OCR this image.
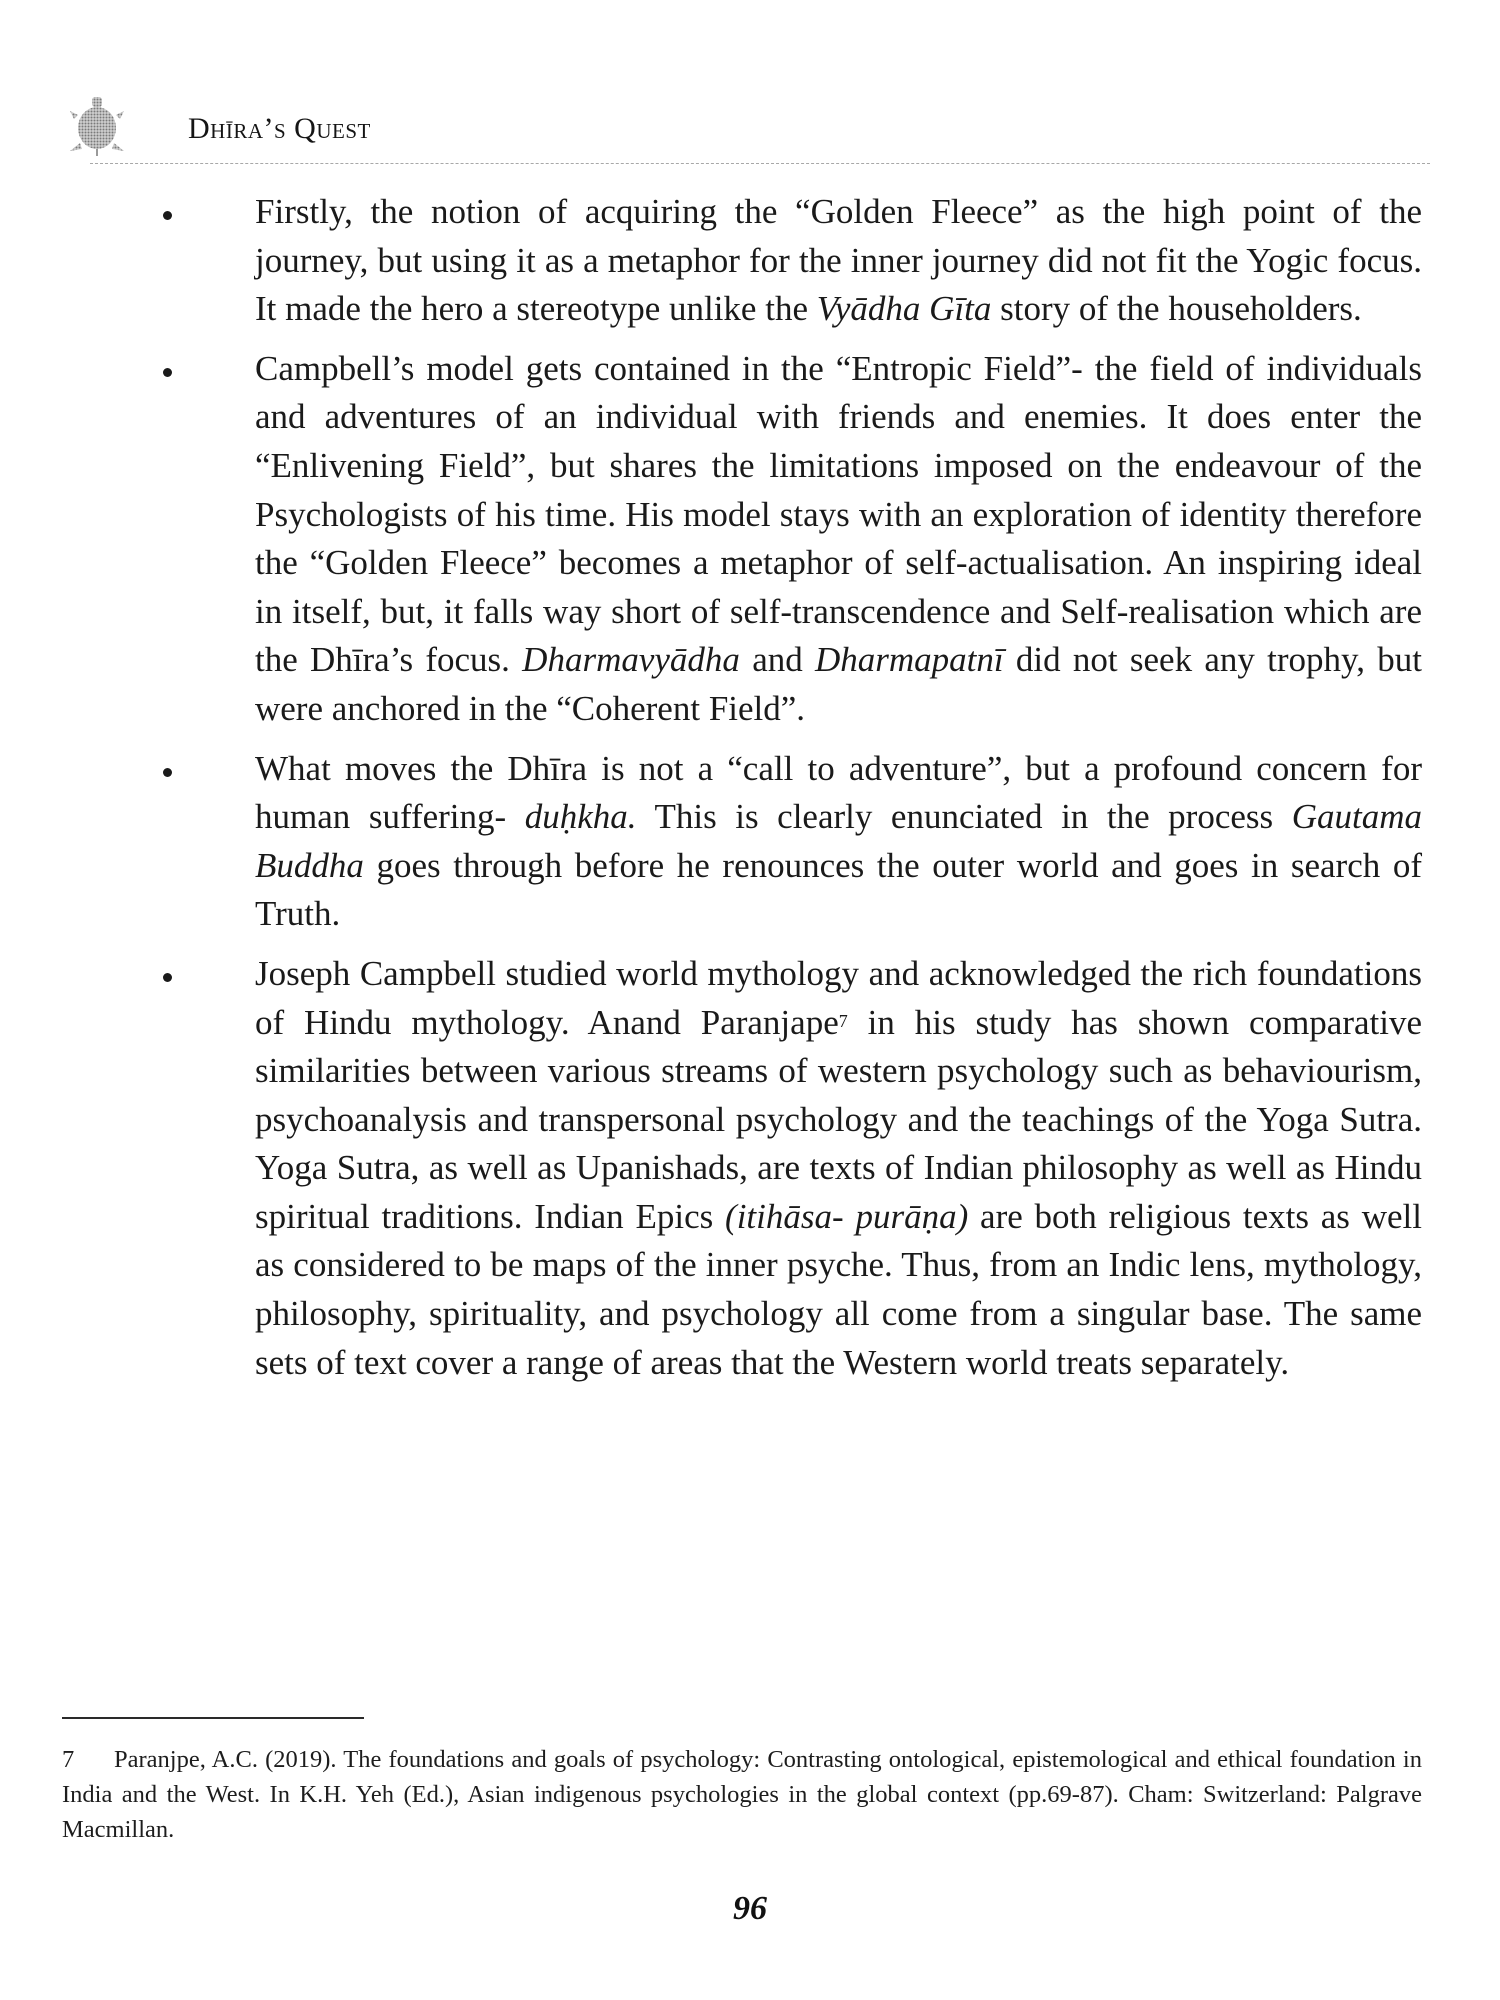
Dhīra’s Quest
Firstly, the notion of acquiring the “Golden Fleece” as the high point of the journey, but using it as a metaphor for the inner journey did not fit the Yogic focus. It made the hero a stereotype unlike the Vyādha Gīta story of the householders.
Campbell’s model gets contained in the “Entropic Field”- the field of individuals and adventures of an individual with friends and enemies. It does enter the “Enlivening Field”, but shares the limitations imposed on the endeavour of the Psychologists of his time. His model stays with an exploration of identity therefore the “Golden Fleece” becomes a metaphor of self-actualisation. An inspiring ideal in itself, but, it falls way short of self-transcendence and Self-realisation which are the Dhīra’s focus. Dharmavyādha and Dharmapatnī did not seek any trophy, but were anchored in the “Coherent Field”.
What moves the Dhīra is not a “call to adventure”, but a profound concern for human suffering- duḥkha. This is clearly enunciated in the process Gautama Buddha goes through before he renounces the outer world and goes in search of Truth.
Joseph Campbell studied world mythology and acknowledged the rich foundations of Hindu mythology. Anand Paranjape$^7$ in his study has shown comparative similarities between various streams of western psychology such as behaviourism, psychoanalysis and transpersonal psychology and the teachings of the Yoga Sutra. Yoga Sutra, as well as Upanishads, are texts of Indian philosophy as well as Hindu spiritual traditions. Indian Epics (itihāsa- purāṇa) are both religious texts as well as considered to be maps of the inner psyche. Thus, from an Indic lens, mythology, philosophy, spirituality, and psychology all come from a singular base. The same sets of text cover a range of areas that the Western world treats separately.
7 Paranjpe, A.C. (2019). The foundations and goals of psychology: Contrasting ontological, epistemological and ethical foundation in India and the West. In K.H. Yeh (Ed.), Asian indigenous psychologies in the global context (pp.69-87). Cham: Switzerland: Palgrave Macmillan.
96
